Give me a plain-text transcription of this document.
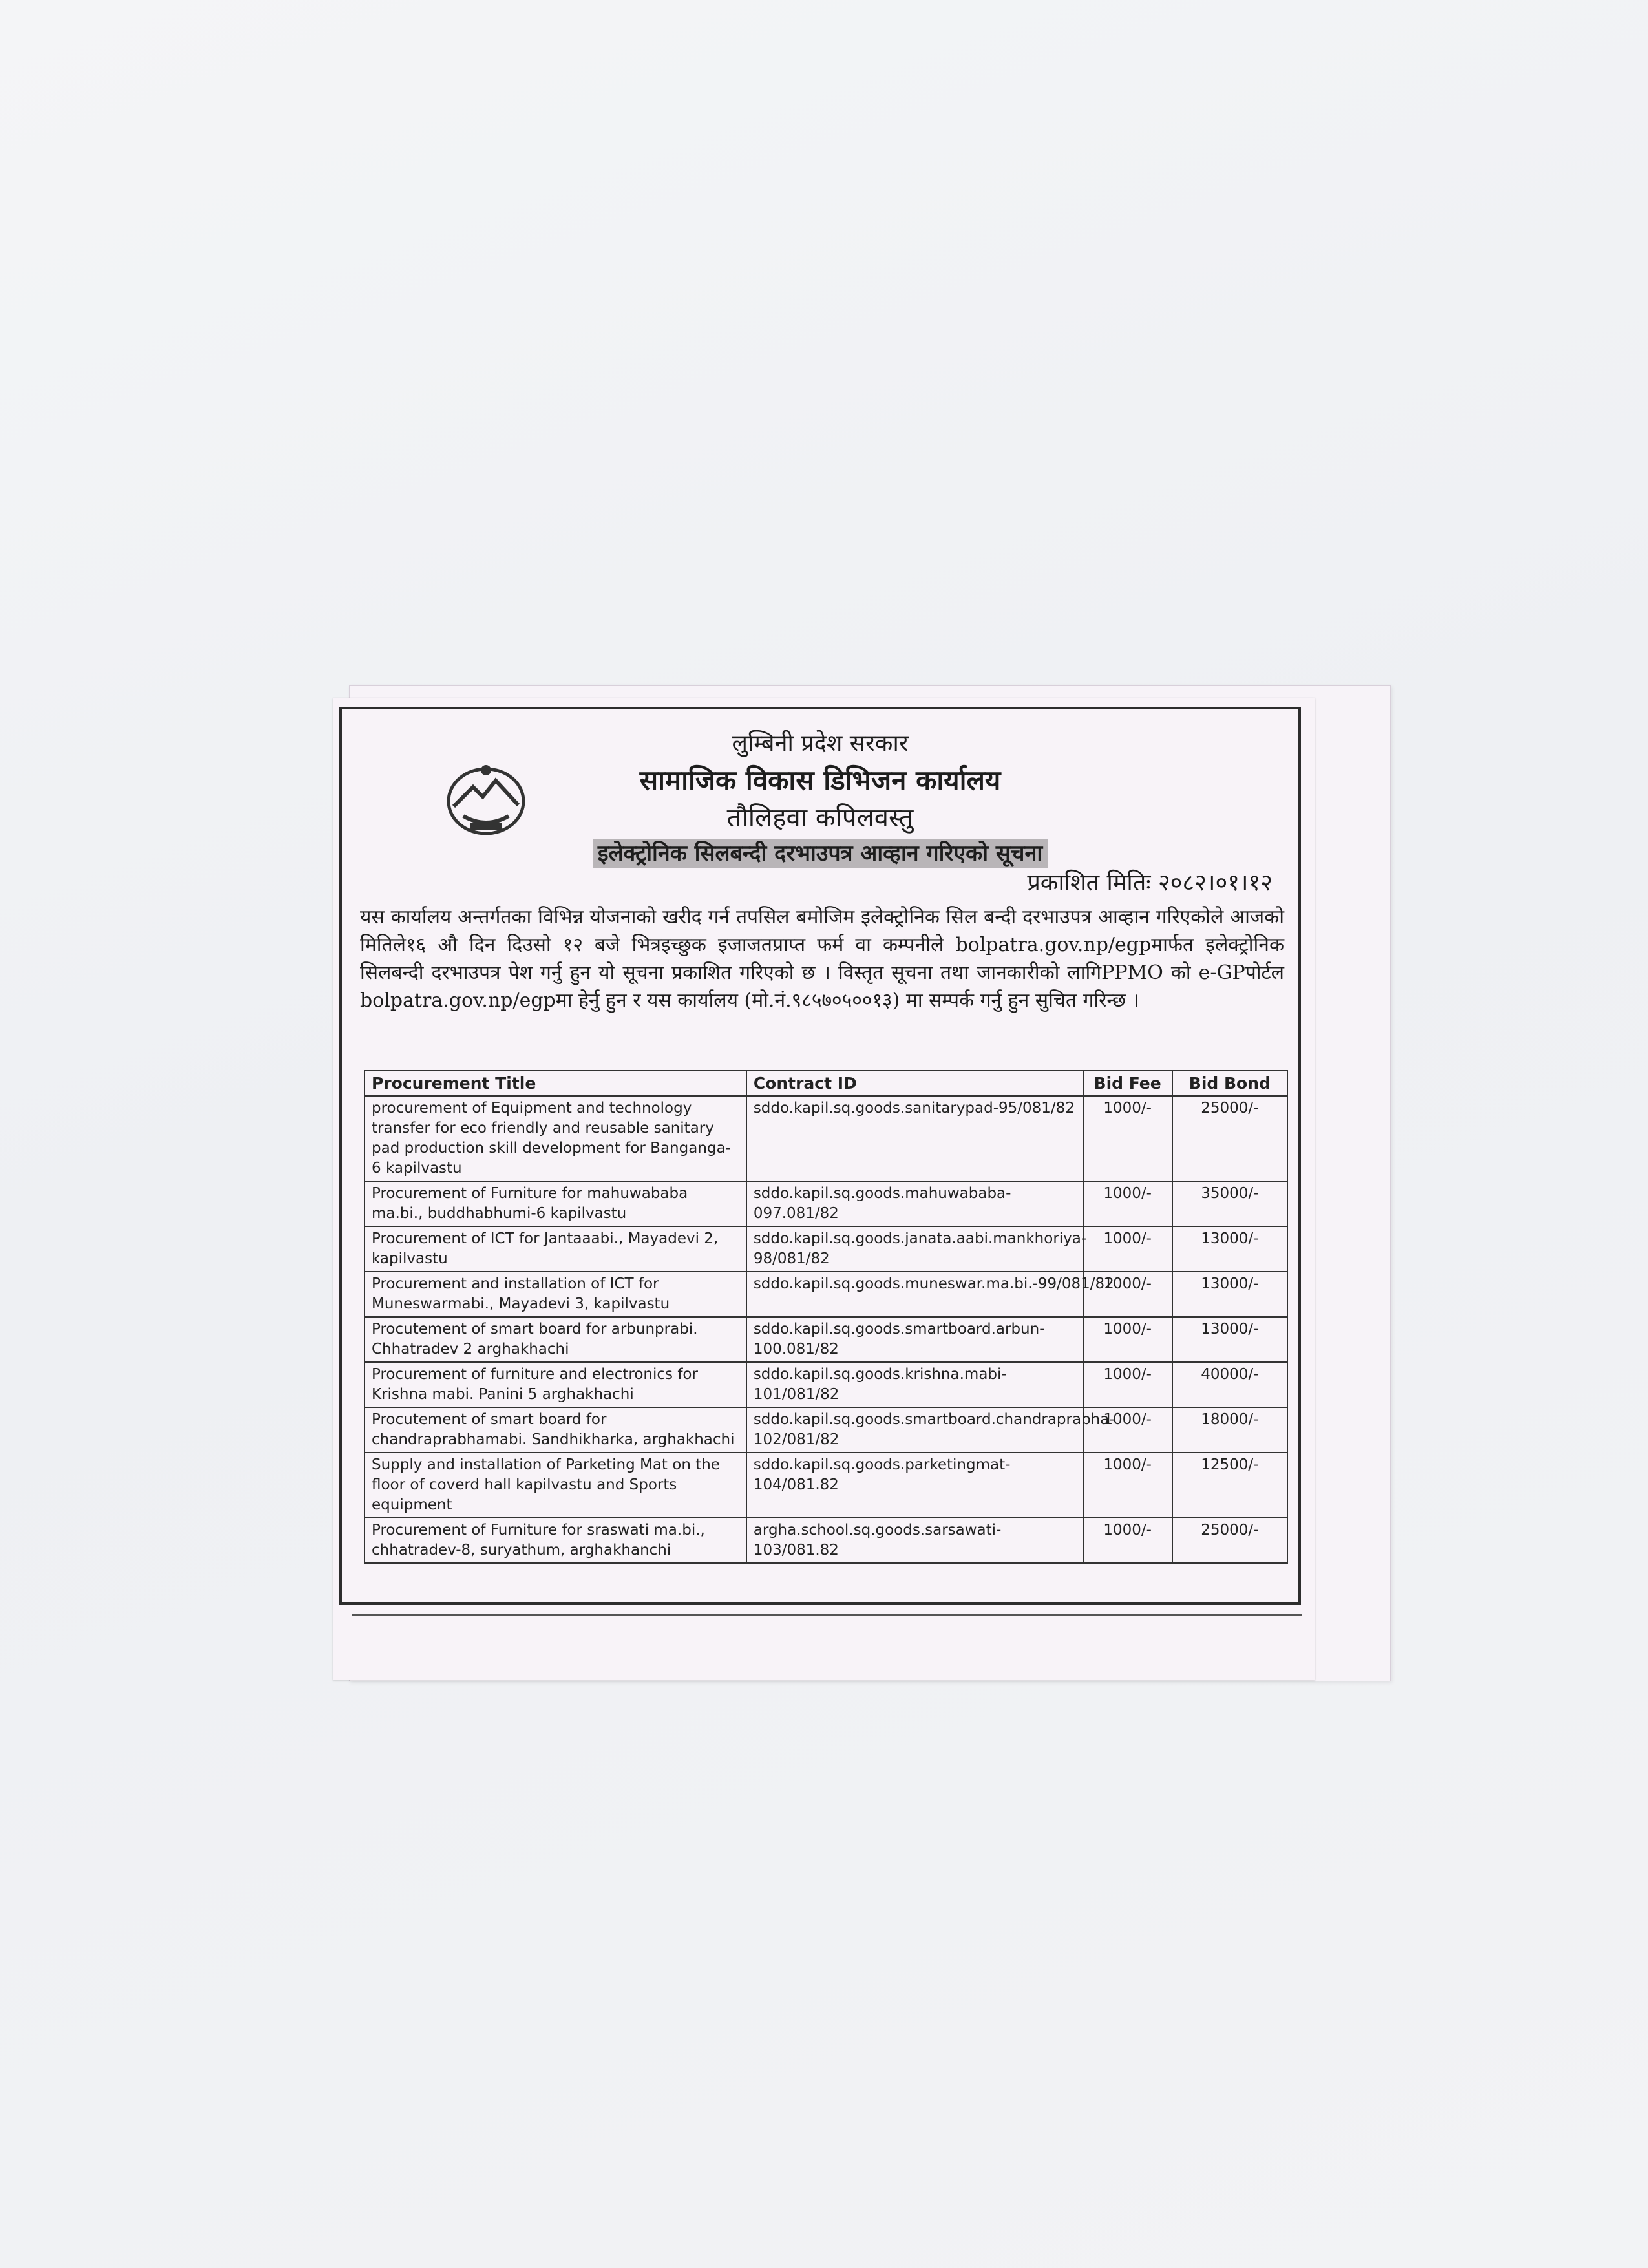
लुम्बिनी प्रदेश सरकार
सामाजिक विकास डिभिजन कार्यालय
तौलिहवा कपिलवस्तु
इलेक्ट्रोनिक सिलबन्दी दरभाउपत्र आव्हान गरिएको सूचना
प्रकाशित मितिः २०८२।०१।१२
यस कार्यालय अन्तर्गतका विभिन्न योजनाको खरीद गर्न तपसिल बमोजिम इलेक्ट्रोनिक सिल बन्दी दरभाउपत्र आव्हान गरिएकोले आजको मितिले१६ औ दिन दिउसो १२ बजे भित्रइच्छुक इजाजतप्राप्त फर्म वा कम्पनीले bolpatra.gov.np/egpमार्फत इलेक्ट्रोनिक सिलबन्दी दरभाउपत्र पेश गर्नु हुन यो सूचना प्रकाशित गरिएको छ । विस्तृत सूचना तथा जानकारीको लागिPPMO को e-GPपोर्टल bolpatra.gov.np/egpमा हेर्नु हुन र यस कार्यालय (मो.नं.९८५७०५००१३) मा सम्पर्क गर्नु हुन सुचित गरिन्छ ।
Procurement Title	Contract ID	Bid Fee	Bid Bond
procurement of Equipment and technology transfer for eco friendly and reusable sanitary pad production skill development for Banganga-6 kapilvastu	sddo.kapil.sq.goods.sanitarypad-95/081/82	1000/-	25000/-
Procurement of Furniture for mahuwababa ma.bi., buddhabhumi-6 kapilvastu	sddo.kapil.sq.goods.mahuwababa-097.081/82	1000/-	35000/-
Procurement of ICT for Jantaaabi., Mayadevi 2, kapilvastu	sddo.kapil.sq.goods.janata.aabi.mankhoriya-98/081/82	1000/-	13000/-
Procurement and installation of ICT for Muneswarmabi., Mayadevi 3, kapilvastu	sddo.kapil.sq.goods.muneswar.ma.bi.-99/081/82	1000/-	13000/-
Procutement of smart board for arbunprabi. Chhatradev 2 arghakhachi	sddo.kapil.sq.goods.smartboard.arbun-100.081/82	1000/-	13000/-
Procurement of furniture and electronics for Krishna mabi. Panini 5 arghakhachi	sddo.kapil.sq.goods.krishna.mabi-101/081/82	1000/-	40000/-
Procutement of smart board for chandraprabhamabi. Sandhikharka, arghakhachi	sddo.kapil.sq.goods.smartboard.chandraprabha-102/081/82	1000/-	18000/-
Supply and installation of Parketing Mat on the floor of coverd hall kapilvastu and Sports equipment	sddo.kapil.sq.goods.parketingmat-104/081.82	1000/-	12500/-
Procurement of Furniture for sraswati ma.bi., chhatradev-8, suryathum, arghakhanchi	argha.school.sq.goods.sarsawati-103/081.82	1000/-	25000/-
